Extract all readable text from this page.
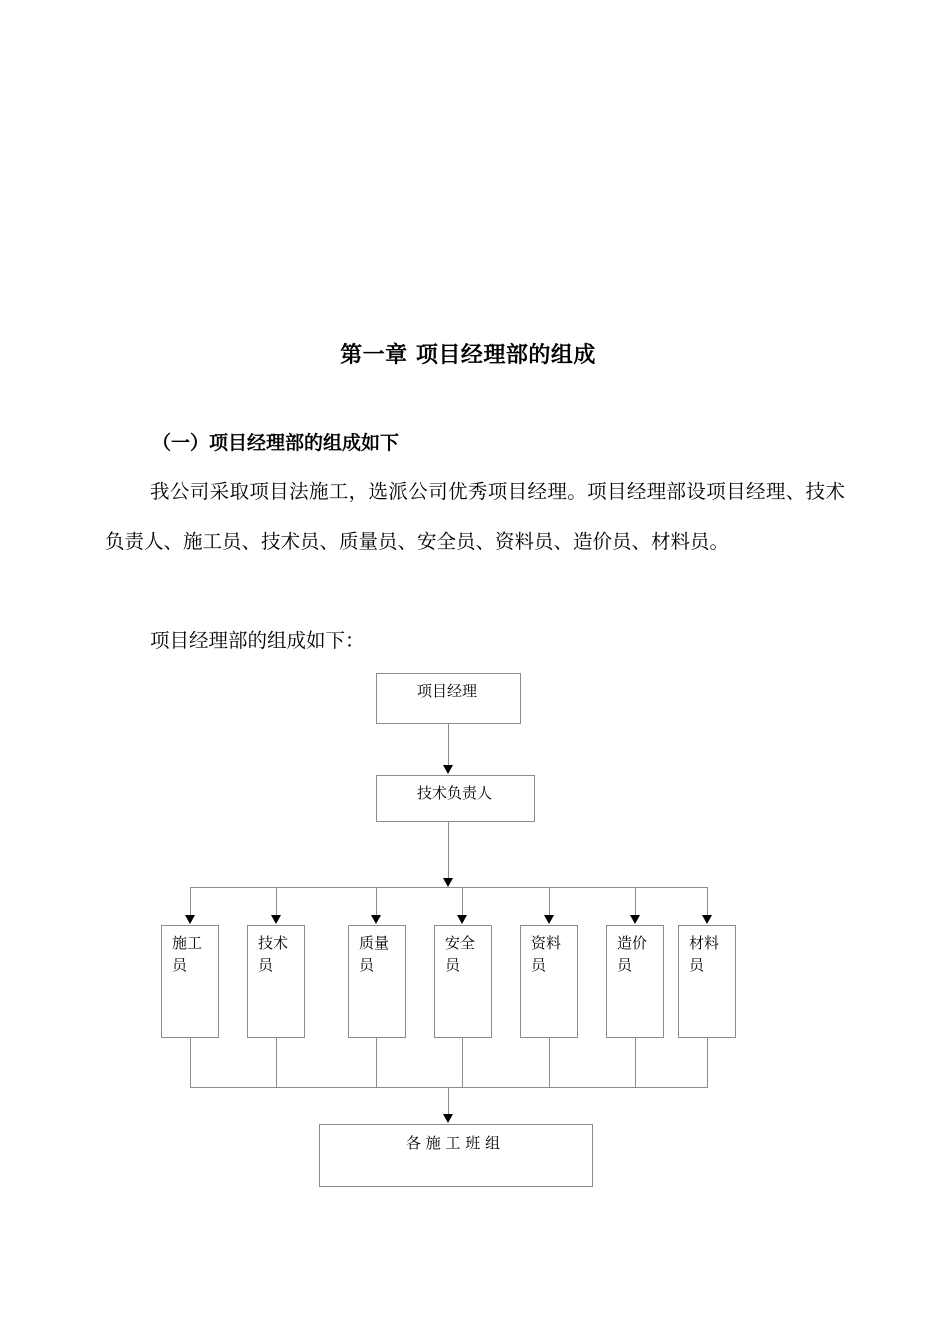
第一章 项目经理部的组成
（一）项目经理部的组成如下
我公司采取项目法施工，选派公司优秀项目经理。项目经理部设项目经理、技术负责人、施工员、技术员、质量员、安全员、资料员、造价员、材料员。
项目经理部的组成如下：
项目经理
技术负责人
施工员
技术员
质量员
安全员
资料员
造价员
材料员
各 施 工 班 组
